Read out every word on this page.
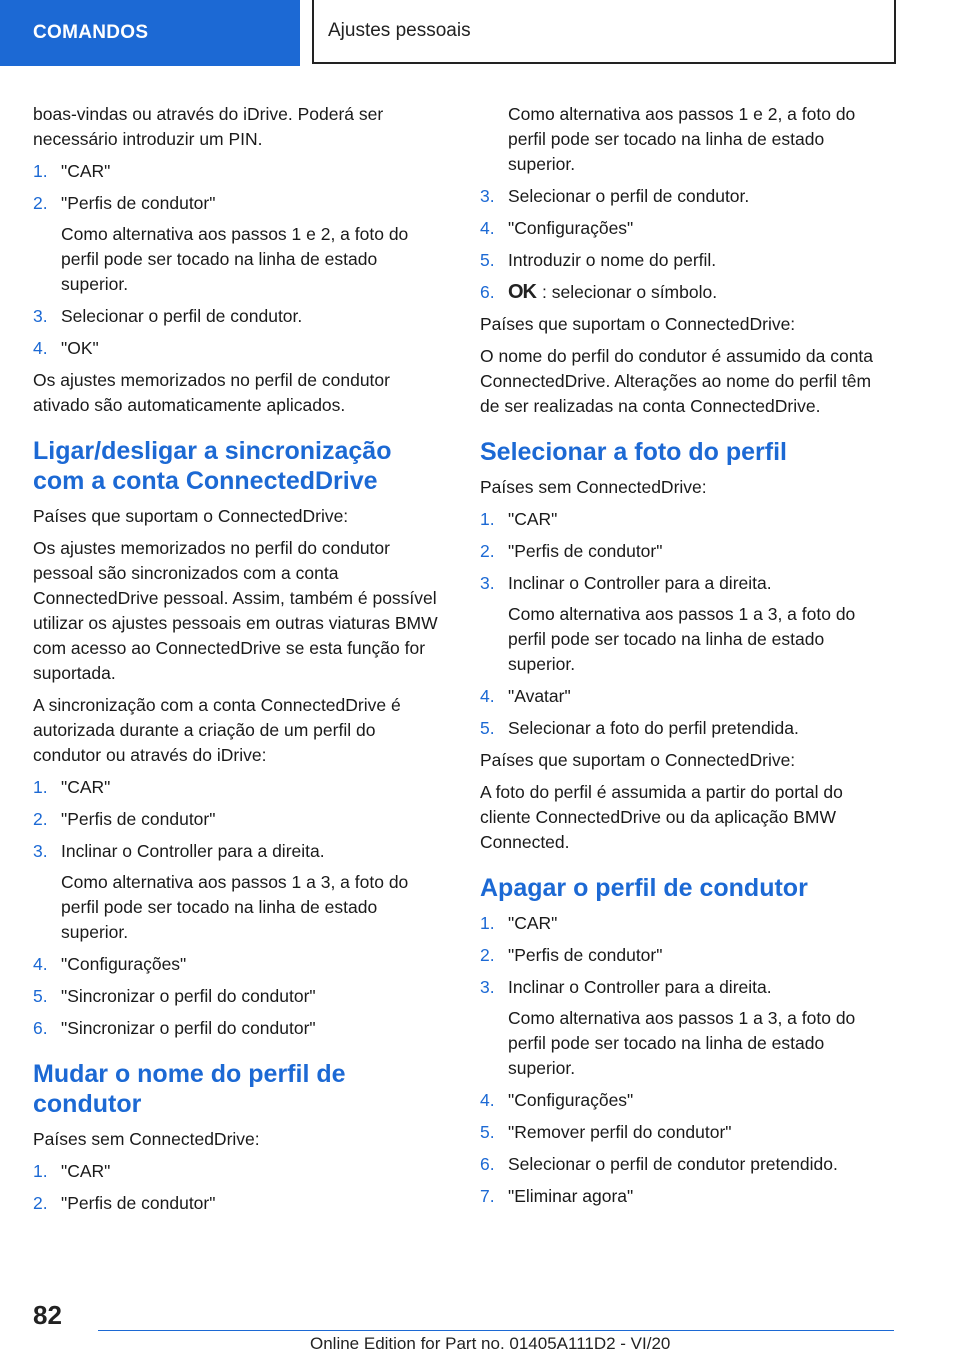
COMANDOS	Ajustes pessoais

boas-vindas ou através do iDrive. Poderá ser necessário introduzir um PIN.

1. "CAR"
2. "Perfis de condutor"
Como alternativa aos passos 1 e 2, a foto do perfil pode ser tocado na linha de estado superior.
3. Selecionar o perfil de condutor.
4. "OK"

Os ajustes memorizados no perfil de condutor ativado são automaticamente aplicados.

Ligar/desligar a sincronização com a conta ConnectedDrive

Países que suportam o ConnectedDrive:

Os ajustes memorizados no perfil do condutor pessoal são sincronizados com a conta ConnectedDrive pessoal. Assim, também é possível utilizar os ajustes pessoais em outras viaturas BMW com acesso ao ConnectedDrive se esta função for suportada.

A sincronização com a conta ConnectedDrive é autorizada durante a criação de um perfil do condutor ou através do iDrive:

1. "CAR"
2. "Perfis de condutor"
3. Inclinar o Controller para a direita.
Como alternativa aos passos 1 a 3, a foto do perfil pode ser tocado na linha de estado superior.
4. "Configurações"
5. "Sincronizar o perfil do condutor"
6. "Sincronizar o perfil do condutor"
Mudar o nome do perfil de condutor

Países sem ConnectedDrive:

1. "CAR"
2. "Perfis de condutor"
Como alternativa aos passos 1 e 2, a foto do perfil pode ser tocado na linha de estado superior.
3. Selecionar o perfil de condutor.
4. "Configurações"
5. Introduzir o nome do perfil.
6. OK : selecionar o símbolo.

Países que suportam o ConnectedDrive:

O nome do perfil do condutor é assumido da conta ConnectedDrive. Alterações ao nome do perfil têm de ser realizadas na conta ConnectedDrive.

Selecionar a foto do perfil

Países sem ConnectedDrive:

1. "CAR"
2. "Perfis de condutor"
3. Inclinar o Controller para a direita.
Como alternativa aos passos 1 a 3, a foto do perfil pode ser tocado na linha de estado superior.
4. "Avatar"
5. Selecionar a foto do perfil pretendida.

Países que suportam o ConnectedDrive:

A foto do perfil é assumida a partir do portal do cliente ConnectedDrive ou da aplicação BMW Connected.

Apagar o perfil de condutor
1. "CAR"
2. "Perfis de condutor"
3. Inclinar o Controller para a direita.
Como alternativa aos passos 1 a 3, a foto do perfil pode ser tocado na linha de estado superior.
4. "Configurações"
5. "Remover perfil do condutor"
6. Selecionar o perfil de condutor pretendido.
7. "Eliminar agora"
82
Online Edition for Part no. 01405A111D2 - VI/20
